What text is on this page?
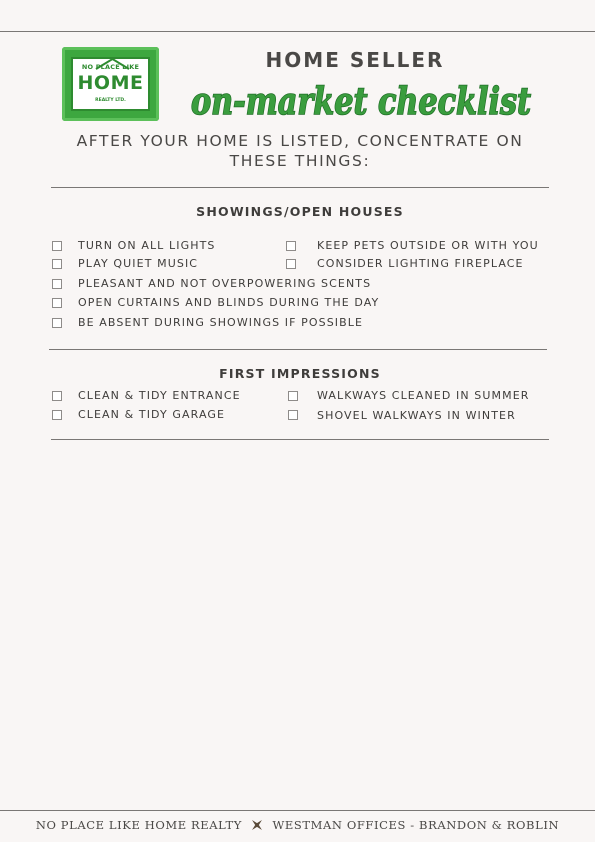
NO PLACE LIKE
HOME
REALTY LTD.
HOME SELLER
on-market checklist
AFTER YOUR HOME IS LISTED, CONCENTRATE ON
THESE THINGS:
SHOWINGS/OPEN HOUSES
TURN ON ALL LIGHTS	KEEP PETS OUTSIDE OR WITH YOU
PLAY QUIET MUSIC	CONSIDER LIGHTING FIREPLACE
PLEASANT AND NOT OVERPOWERING SCENTS
OPEN CURTAINS AND BLINDS DURING THE DAY
BE ABSENT DURING SHOWINGS IF POSSIBLE
FIRST IMPRESSIONS
CLEAN & TIDY ENTRANCE	WALKWAYS CLEANED IN SUMMER
CLEAN & TIDY GARAGE	SHOVEL WALKWAYS IN WINTER
NO PLACE LIKE HOME REALTY	WESTMAN OFFICES - BRANDON & ROBLIN
